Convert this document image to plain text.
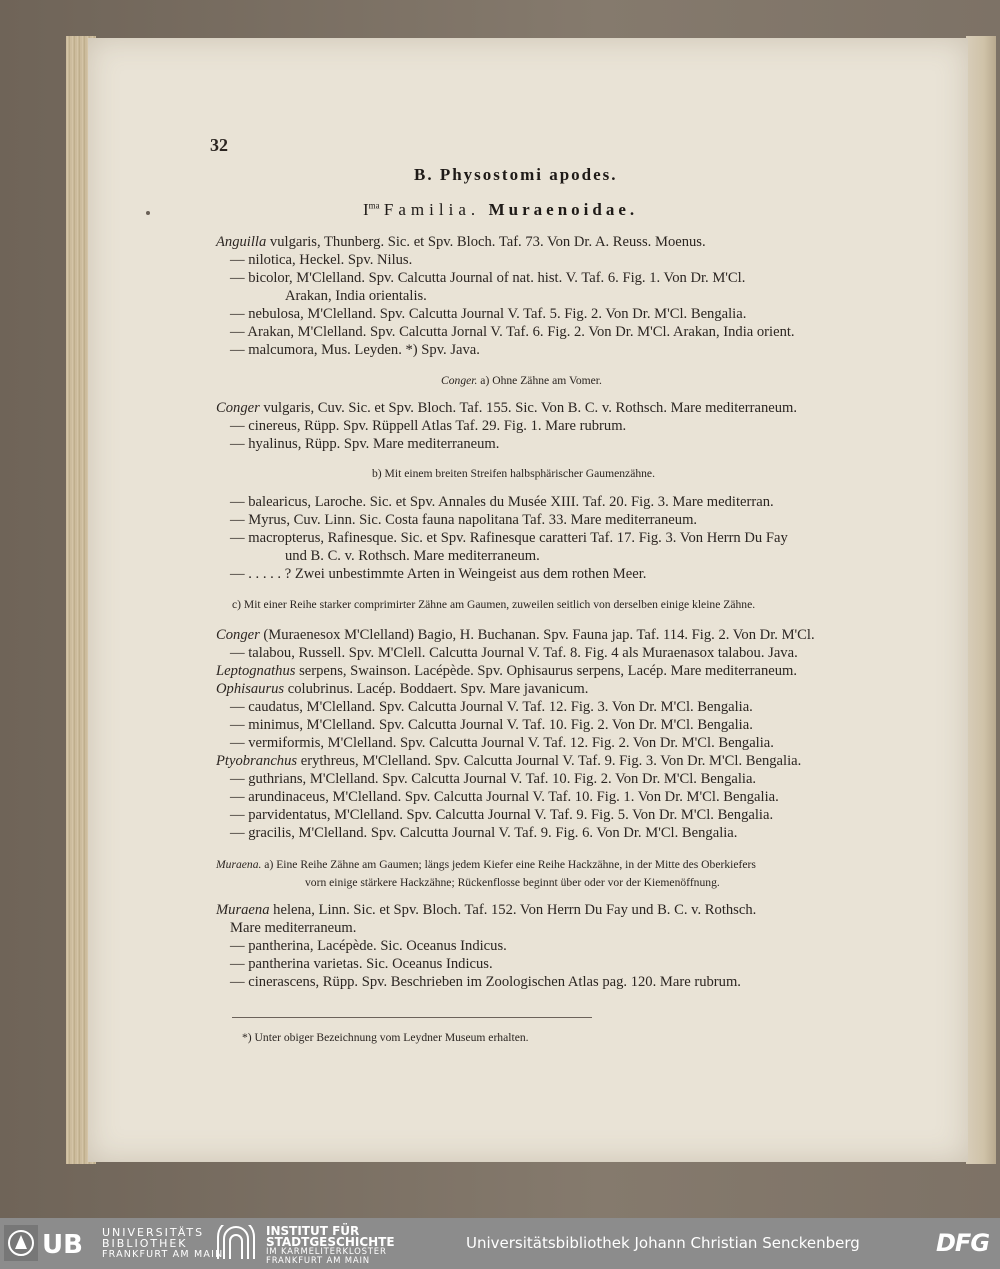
32
B. Physostomi apodes.
$I^{ma}$ Familia. Muraenoidae.
Anguilla vulgaris, Thunberg. Sic. et Spv. Bloch. Taf. 73. Von Dr. A. Reuss. Moenus.
— nilotica, Heckel. Spv. Nilus.
— bicolor, M'Clelland. Spv. Calcutta Journal of nat. hist. V. Taf. 6. Fig. 1. Von Dr. M'Cl.
Arakan, India orientalis.
— nebulosa, M'Clelland. Spv. Calcutta Journal V. Taf. 5. Fig. 2. Von Dr. M'Cl. Bengalia.
— Arakan, M'Clelland. Spv. Calcutta Jornal V. Taf. 6. Fig. 2. Von Dr. M'Cl. Arakan, India orient.
— malcumora, Mus. Leyden. *) Spv. Java.
Conger. a) Ohne Zähne am Vomer.
Conger vulgaris, Cuv. Sic. et Spv. Bloch. Taf. 155. Sic. Von B. C. v. Rothsch. Mare mediterraneum.
— cinereus, Rüpp. Spv. Rüppell Atlas Taf. 29. Fig. 1. Mare rubrum.
— hyalinus, Rüpp. Spv. Mare mediterraneum.
b) Mit einem breiten Streifen halbsphärischer Gaumenzähne.
— balearicus, Laroche. Sic. et Spv. Annales du Musée XIII. Taf. 20. Fig. 3. Mare mediterran.
— Myrus, Cuv. Linn. Sic. Costa fauna napolitana Taf. 33. Mare mediterraneum.
— macropterus, Rafinesque. Sic. et Spv. Rafinesque caratteri Taf. 17. Fig. 3. Von Herrn Du Fay
und B. C. v. Rothsch. Mare mediterraneum.
— . . . . . ? Zwei unbestimmte Arten in Weingeist aus dem rothen Meer.
c) Mit einer Reihe starker comprimirter Zähne am Gaumen, zuweilen seitlich von derselben einige kleine Zähne.
Conger (Muraenesox M'Clelland) Bagio, H. Buchanan. Spv. Fauna jap. Taf. 114. Fig. 2. Von Dr. M'Cl.
— talabou, Russell. Spv. M'Clell. Calcutta Journal V. Taf. 8. Fig. 4 als Muraenasox talabou. Java.
Leptognathus serpens, Swainson. Lacépède. Spv. Ophisaurus serpens, Lacép. Mare mediterraneum.
Ophisaurus colubrinus. Lacép. Boddaert. Spv. Mare javanicum.
— caudatus, M'Clelland. Spv. Calcutta Journal V. Taf. 12. Fig. 3. Von Dr. M'Cl. Bengalia.
— minimus, M'Clelland. Spv. Calcutta Journal V. Taf. 10. Fig. 2. Von Dr. M'Cl. Bengalia.
— vermiformis, M'Clelland. Spv. Calcutta Journal V. Taf. 12. Fig. 2. Von Dr. M'Cl. Bengalia.
Ptyobranchus erythreus, M'Clelland. Spv. Calcutta Journal V. Taf. 9. Fig. 3. Von Dr. M'Cl. Bengalia.
— guthrians, M'Clelland. Spv. Calcutta Journal V. Taf. 10. Fig. 2. Von Dr. M'Cl. Bengalia.
— arundinaceus, M'Clelland. Spv. Calcutta Journal V. Taf. 10. Fig. 1. Von Dr. M'Cl. Bengalia.
— parvidentatus, M'Clelland. Spv. Calcutta Journal V. Taf. 9. Fig. 5. Von Dr. M'Cl. Bengalia.
— gracilis, M'Clelland. Spv. Calcutta Journal V. Taf. 9. Fig. 6. Von Dr. M'Cl. Bengalia.
Muraena. a) Eine Reihe Zähne am Gaumen; längs jedem Kiefer eine Reihe Hackzähne, in der Mitte des Oberkiefers
vorn einige stärkere Hackzähne; Rückenflosse beginnt über oder vor der Kiemenöffnung.
Muraena helena, Linn. Sic. et Spv. Bloch. Taf. 152. Von Herrn Du Fay und B. C. v. Rothsch.
Mare mediterraneum.
— pantherina, Lacépède. Sic. Oceanus Indicus.
— pantherina varietas. Sic. Oceanus Indicus.
— cinerascens, Rüpp. Spv. Beschrieben im Zoologischen Atlas pag. 120. Mare rubrum.
*) Unter obiger Bezeichnung vom Leydner Museum erhalten.
UB UNIVERSITÄTS
BIBLIOTHEK
FRANKFURT AM MAIN
INSTITUT FÜR
STADTGESCHICHTE
IM KARMELITERKLOSTER
FRANKFURT AM MAIN
Universitätsbibliothek Johann Christian Senckenberg	DFG
